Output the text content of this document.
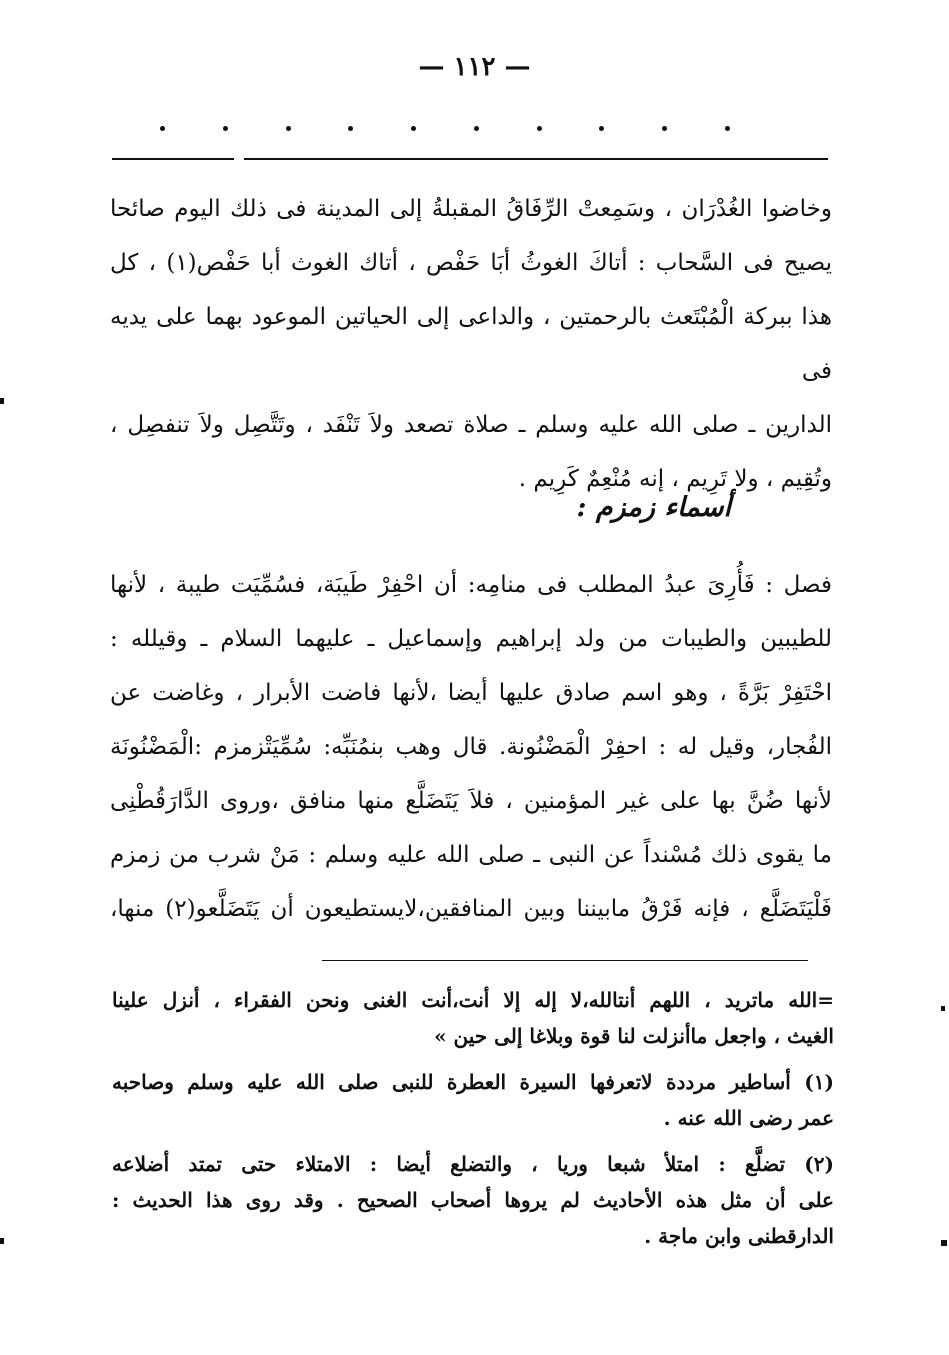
— ١١٢ —

وخاضوا الغُدْرَان ، وسَمِعتْ الرِّفَاقُ المقبلةُ إلى المدينة فى ذلك اليوم صائحا

يصيح فى السَّحاب : أتاكَ الغوثُ أبَا حَفْص ، أتاك الغوث أبا حَفْص(١) ، كل

هذا ببركة الْمُبْتَعث بالرحمتين ، والداعى إلى الحياتين الموعود بهما على يديه فى

الدارين ـ صلى الله عليه وسلم ـ صلاة تصعد ولاَ تَنْفَد ، وتَتَّصِل ولاَ تنفصِل ،

وتُقِيم ، ولا تَرِيم ، إنه مُنْعِمٌ كَرِيم .

أسماء زمزم :

فصل : فَأُرِىَ عبدُ المطلب فى منامِه: أن احْفِرْ طَيبَة، فسُمِّيَت طيبة ، لأنها

للطيبين والطيبات من ولد إبراهيم وإسماعيل ـ عليهما السلام ـ وقيلله :

احْتَفِرْ بَرَّةً ، وهو اسم صادق عليها أيضا ،لأنها فاضت الأبرار ، وغاضت عن

الفُجار، وقيل له : احفِرْ الْمَضْنُونة. قال وهب بنمُنَبِّه: سُمِّيَتْزمزم :الْمَضْنُونَة

لأنها ضُنَّ بها على غير المؤمنين ، فلاَ يَتَضَلَّع منها منافق ،وروى الدَّارَقُطْنِى

ما يقوى ذلك مُسْنداً عن النبى ـ صلى الله عليه وسلم : مَنْ شرب من زمزم

فَلْيَتَضَلَّع ، فإنه فَرْقُ مابيننا وبين المنافقين،لايستطيعون أن يَتَضَلَّعو(٢) منها،

=الله ماتريد ، اللهم أنتالله،لا إله إلا أنت،أنت الغنى ونحن الفقراء ، أنزل علينا
الغيث ، واجعل ماأنزلت لنا قوة وبلاغا إلى حين »
(١) أساطير مرددة لاتعرفها السيرة العطرة للنبى صلى الله عليه وسلم وصاحبه
عمر رضى الله عنه .
(٢) تضلَّع : امتلأ شبعا وريا ، والتضلع أيضا : الامتلاء حتى تمتد أضلاعه
على أن مثل هذه الأحاديث لم يروها أصحاب الصحيح . وقد روى هذا الحديث :
الدارقطنى وابن ماجة .
